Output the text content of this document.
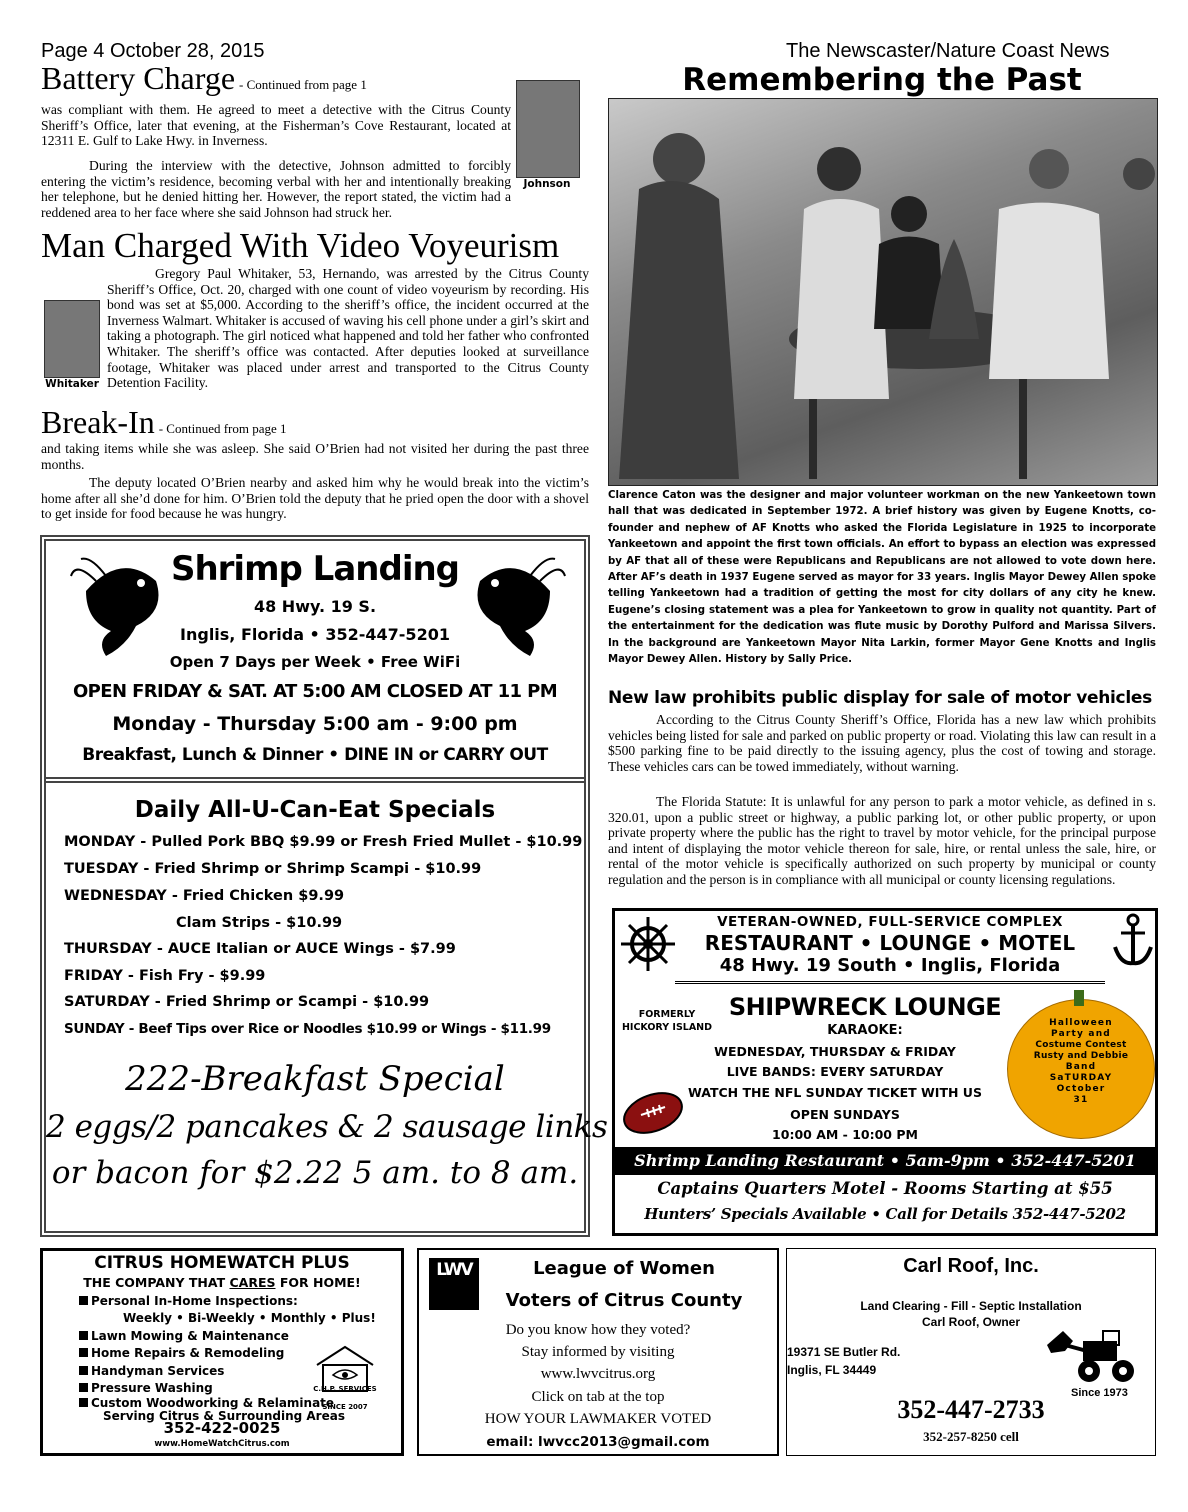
Page 4 October 28, 2015	The Newscaster/Nature Coast News
Battery Charge - Continued from page 1
Johnson
was compliant with them. He agreed to meet a detective with the Citrus County Sheriff’s Office, later that evening, at the Fisherman’s Cove Restaurant, located at 12311 E. Gulf to Lake Hwy. in Inverness.
During the interview with the detective, Johnson admitted to forcibly entering the victim’s residence, becoming verbal with her and intentionally breaking her telephone, but he denied hitting her. However, the report stated, the victim had a reddened area to her face where she said Johnson had struck her.
Man Charged With Video Voyeurism
Whitaker
Gregory Paul Whitaker, 53, Hernando, was arrested by the Citrus County Sheriff’s Office, Oct. 20, charged with one count of video voyeurism by recording. His bond was set at $5,000. According to the sheriff’s office, the incident occurred at the Inverness Walmart. Whitaker is accused of waving his cell phone under a girl’s skirt and taking a photograph. The girl noticed what happened and told her father who confronted Whitaker. The sheriff’s office was contacted. After deputies looked at surveillance footage, Whitaker was placed under arrest and transported to the Citrus County Detention Facility.
Break-In - Continued from page 1
and taking items while she was asleep. She said O’Brien had not visited her during the past three months.
The deputy located O’Brien nearby and asked him why he would break into the victim’s home after all she’d done for him. O’Brien told the deputy that he pried open the door with a shovel to get inside for food because he was hungry.
Remembering the Past
Clarence Caton was the designer and major volunteer workman on the new Yankeetown town hall that was dedicated in September 1972. A brief history was given by Eugene Knotts, co-founder and nephew of AF Knotts who asked the Florida Legislature in 1925 to incorporate Yankeetown and appoint the first town officials. An effort to bypass an election was expressed by AF that all of these were Republicans and Republicans are not allowed to vote down here. After AF’s death in 1937 Eugene served as mayor for 33 years. Inglis Mayor Dewey Allen spoke telling Yankeetown had a tradition of getting the most for city dollars of any city he knew. Eugene’s closing statement was a plea for Yankeetown to grow in quality not quantity. Part of the entertainment for the dedication was flute music by Dorothy Pulford and Marissa Silvers. In the background are Yankeetown Mayor Nita Larkin, former Mayor Gene Knotts and Inglis Mayor Dewey Allen. History by Sally Price.
New law prohibits public display for sale of motor vehicles
According to the Citrus County Sheriff’s Office, Florida has a new law which prohibits vehicles being listed for sale and parked on public property or road. Violating this law can result in a $500 parking fine to be paid directly to the issuing agency, plus the cost of towing and storage. These vehicles cars can be towed immediately, without warning.
The Florida Statute: It is unlawful for any person to park a motor vehicle, as defined in s. 320.01, upon a public street or highway, a public parking lot, or other public property, or upon private property where the public has the right to travel by motor vehicle, for the principal purpose and intent of displaying the motor vehicle thereon for sale, hire, or rental unless the sale, hire, or rental of the motor vehicle is specifically authorized on such property by municipal or county regulation and the person is in compliance with all municipal or county licensing regulations.
Shrimp Landing
48 Hwy. 19 S.
Inglis, Florida • 352-447-5201
Open 7 Days per Week • Free WiFi
OPEN FRIDAY & SAT. AT 5:00 AM CLOSED AT 11 PM
Monday - Thursday 5:00 am - 9:00 pm
Breakfast, Lunch & Dinner • DINE IN or CARRY OUT
Daily All-U-Can-Eat Specials
MONDAY - Pulled Pork BBQ $9.99 or Fresh Fried Mullet - $10.99
TUESDAY - Fried Shrimp or Shrimp Scampi - $10.99
WEDNESDAY - Fried Chicken $9.99
Clam Strips - $10.99
THURSDAY - AUCE Italian or AUCE Wings - $7.99
FRIDAY - Fish Fry - $9.99
SATURDAY - Fried Shrimp or Scampi - $10.99
SUNDAY - Beef Tips over Rice or Noodles $10.99 or Wings - $11.99
222-Breakfast Special
2 eggs/2 pancakes & 2 sausage links
or bacon for $2.22 5 am. to 8 am.
VETERAN-OWNED, FULL-SERVICE COMPLEX
RESTAURANT • LOUNGE • MOTEL
48 Hwy. 19 South • Inglis, Florida
FORMERLY
HICKORY ISLAND
SHIPWRECK LOUNGE
KARAOKE:
WEDNESDAY, THURSDAY & FRIDAY
LIVE BANDS: EVERY SATURDAY
WATCH THE NFL SUNDAY TICKET WITH US
OPEN SUNDAYS
10:00 AM - 10:00 PM
Halloween
Party and
Costume Contest
Rusty and Debbie
Band
SaTURDAY
October
31
Shrimp Landing Restaurant • 5am-9pm • 352-447-5201
Captains Quarters Motel - Rooms Starting at $55
Hunters’ Specials Available • Call for Details 352-447-5202
CITRUS HOMEWATCH PLUS
THE COMPANY THAT CARES FOR HOME!
Personal In-Home Inspections:
Weekly • Bi-Weekly • Monthly • Plus!
Lawn Mowing & Maintenance
Home Repairs & Remodeling
Handyman Services
Pressure Washing
Custom Woodworking & Relaminate
Serving Citrus & Surrounding Areas
C.H.P. SERVICES
SINCE 2007
352-422-0025
www.HomeWatchCitrus.com
LWV	League of Women
Voters of Citrus County
Do you know how they voted?
Stay informed by visiting
www.lwvcitrus.org
Click on tab at the top
HOW YOUR LAWMAKER VOTED
email: lwvcc2013@gmail.com
Carl Roof, Inc.
Land Clearing - Fill - Septic Installation
Carl Roof, Owner
19371 SE Butler Rd.
Inglis, FL 34449
Since 1973
352-447-2733
352-257-8250 cell
